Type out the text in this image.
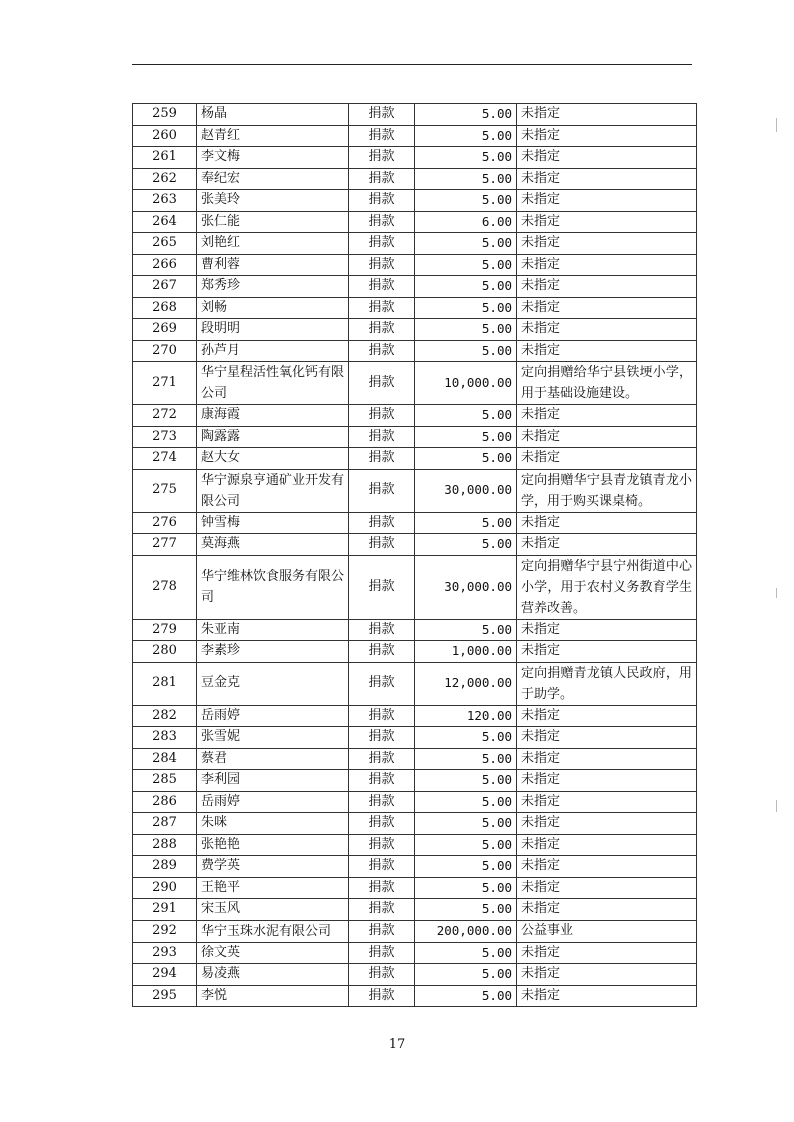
259	杨晶	捐款	5.00	未指定
260	赵青红	捐款	5.00	未指定
261	李文梅	捐款	5.00	未指定
262	奉纪宏	捐款	5.00	未指定
263	张美玲	捐款	5.00	未指定
264	张仁能	捐款	6.00	未指定
265	刘艳红	捐款	5.00	未指定
266	曹利蓉	捐款	5.00	未指定
267	郑秀珍	捐款	5.00	未指定
268	刘畅	捐款	5.00	未指定
269	段明明	捐款	5.00	未指定
270	孙芦月	捐款	5.00	未指定
271	华宁星程活性氧化钙有限公司	捐款	10,000.00	定向捐赠给华宁县铁埂小学，用于基础设施建设。
272	康海霞	捐款	5.00	未指定
273	陶露露	捐款	5.00	未指定
274	赵大女	捐款	5.00	未指定
275	华宁源泉亨通矿业开发有限公司	捐款	30,000.00	定向捐赠华宁县青龙镇青龙小学，用于购买课桌椅。
276	钟雪梅	捐款	5.00	未指定
277	莫海燕	捐款	5.00	未指定
278	华宁维林饮食服务有限公司	捐款	30,000.00	定向捐赠华宁县宁州街道中心小学，用于农村义务教育学生营养改善。
279	朱亚南	捐款	5.00	未指定
280	李素珍	捐款	1,000.00	未指定
281	豆金克	捐款	12,000.00	定向捐赠青龙镇人民政府，用于助学。
282	岳雨婷	捐款	120.00	未指定
283	张雪妮	捐款	5.00	未指定
284	蔡君	捐款	5.00	未指定
285	李利园	捐款	5.00	未指定
286	岳雨婷	捐款	5.00	未指定
287	朱咪	捐款	5.00	未指定
288	张艳艳	捐款	5.00	未指定
289	费学英	捐款	5.00	未指定
290	王艳平	捐款	5.00	未指定
291	宋玉风	捐款	5.00	未指定
292	华宁玉珠水泥有限公司	捐款	200,000.00	公益事业
293	徐文英	捐款	5.00	未指定
294	易凌燕	捐款	5.00	未指定
295	李悦	捐款	5.00	未指定
17
